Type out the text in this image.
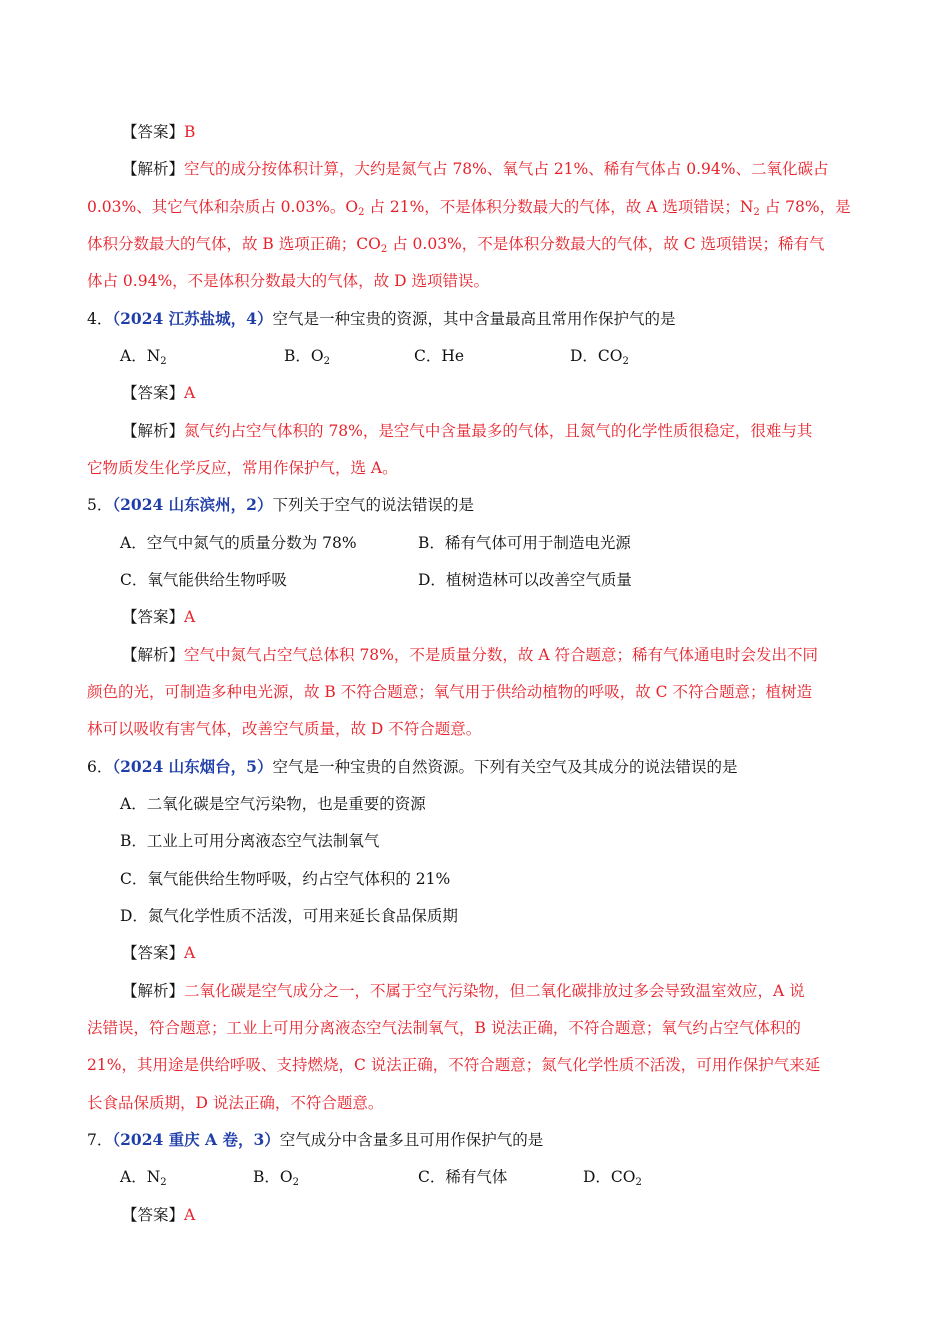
【答案】B
【解析】空气的成分按体积计算，大约是氮气占 78%、氧气占 21%、稀有气体占 0.94%、二氧化碳占
0.03%、其它气体和杂质占 0.03%。$O_2$ 占 21%，不是体积分数最大的气体，故 A 选项错误；$N_2$ 占 78%，是
体积分数最大的气体，故 B 选项正确；$CO_2$ 占 0.03%，不是体积分数最大的气体，故 C 选项错误；稀有气
体占 0.94%，不是体积分数最大的气体，故 D 选项错误。
4．（2024 江苏盐城，4）空气是一种宝贵的资源，其中含量最高且常用作保护气的是
A．$N_2$	B．$O_2$	C．He	D．$CO_2$
【答案】A
【解析】氮气约占空气体积的 78%，是空气中含量最多的气体，且氮气的化学性质很稳定，很难与其
它物质发生化学反应，常用作保护气，选 A。
5．（2024 山东滨州，2）下列关于空气的说法错误的是
A．空气中氮气的质量分数为 78%	B．稀有气体可用于制造电光源
C．氧气能供给生物呼吸	D．植树造林可以改善空气质量
【答案】A
【解析】空气中氮气占空气总体积 78%，不是质量分数，故 A 符合题意；稀有气体通电时会发出不同
颜色的光，可制造多种电光源，故 B 不符合题意；氧气用于供给动植物的呼吸，故 C 不符合题意；植树造
林可以吸收有害气体，改善空气质量，故 D 不符合题意。
6．（2024 山东烟台，5）空气是一种宝贵的自然资源。下列有关空气及其成分的说法错误的是
A．二氧化碳是空气污染物，也是重要的资源
B．工业上可用分离液态空气法制氧气
C．氧气能供给生物呼吸，约占空气体积的 21%
D．氮气化学性质不活泼，可用来延长食品保质期
【答案】A
【解析】二氧化碳是空气成分之一，不属于空气污染物，但二氧化碳排放过多会导致温室效应，A 说
法错误，符合题意；工业上可用分离液态空气法制氧气，B 说法正确，不符合题意；氧气约占空气体积的
21%，其用途是供给呼吸、支持燃烧，C 说法正确，不符合题意；氮气化学性质不活泼，可用作保护气来延
长食品保质期，D 说法正确，不符合题意。
7．（2024 重庆 A 卷，3）空气成分中含量多且可用作保护气的是
A．$N_2$	B．$O_2$	C．稀有气体	D．$CO_2$
【答案】A
